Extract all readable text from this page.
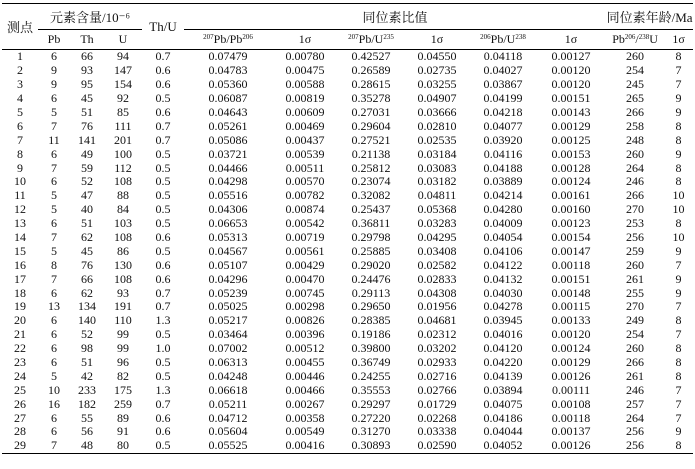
测点	元素含量/10⁻⁶			Th/U	同位素比值						同位素年龄/Ma	
	Pb	Th	U		$^{207}$Pb/Pb$^{206}$	1σ	$^{207}Pb/U^{235}$	1σ	$^{206}Pb/U^{238}$	1σ	Pb$^{206}$/$^{238}$U	1σ
1	6	66	94	0.7	0.07479	0.00780	0.42527	0.04550	0.04118	0.00127	260	8
2	9	93	147	0.6	0.04783	0.00475	0.26589	0.02735	0.04027	0.00120	254	7
3	9	95	154	0.6	0.05360	0.00588	0.28615	0.03255	0.03867	0.00120	245	7
4	6	45	92	0.5	0.06087	0.00819	0.35278	0.04907	0.04199	0.00151	265	9
5	5	51	85	0.6	0.04643	0.00609	0.27031	0.03666	0.04218	0.00143	266	9
6	7	76	111	0.7	0.05261	0.00469	0.29604	0.02810	0.04077	0.00129	258	8
7	11	141	201	0.7	0.05086	0.00437	0.27521	0.02535	0.03920	0.00125	248	8
8	6	49	100	0.5	0.03721	0.00539	0.21138	0.03184	0.04116	0.00153	260	9
9	7	59	112	0.5	0.04466	0.00511	0.25812	0.03083	0.04188	0.00128	264	8
10	6	52	108	0.5	0.04298	0.00570	0.23074	0.03182	0.03889	0.00124	246	8
11	5	47	88	0.5	0.05516	0.00782	0.32082	0.04811	0.04214	0.00161	266	10
12	5	40	84	0.5	0.04306	0.00874	0.25437	0.05368	0.04280	0.00160	270	10
13	6	51	103	0.5	0.06653	0.00542	0.36811	0.03283	0.04009	0.00123	253	8
14	7	62	108	0.6	0.05313	0.00719	0.29798	0.04295	0.04054	0.00154	256	10
15	5	45	86	0.5	0.04567	0.00561	0.25885	0.03408	0.04106	0.00147	259	9
16	8	76	130	0.6	0.05107	0.00429	0.29020	0.02582	0.04122	0.00118	260	7
17	7	66	108	0.6	0.04296	0.00470	0.24476	0.02833	0.04132	0.00151	261	9
18	6	62	93	0.7	0.05239	0.00745	0.29113	0.04308	0.04030	0.00148	255	9
19	13	134	191	0.7	0.05025	0.00298	0.29650	0.01956	0.04278	0.00115	270	7
20	6	140	110	1.3	0.05217	0.00826	0.28385	0.04681	0.03945	0.00133	249	8
21	6	52	99	0.5	0.03464	0.00396	0.19186	0.02312	0.04016	0.00120	254	7
22	6	98	99	1.0	0.07002	0.00512	0.39800	0.03202	0.04120	0.00124	260	8
23	6	51	96	0.5	0.06313	0.00455	0.36749	0.02933	0.04220	0.00129	266	8
24	5	42	82	0.5	0.04248	0.00446	0.24255	0.02716	0.04139	0.00126	261	8
25	10	233	175	1.3	0.06618	0.00466	0.35553	0.02766	0.03894	0.00111	246	7
26	16	182	259	0.7	0.05211	0.00267	0.29297	0.01729	0.04075	0.00108	257	7
27	6	55	89	0.6	0.04712	0.00358	0.27220	0.02268	0.04186	0.00118	264	7
28	6	56	91	0.6	0.05604	0.00549	0.31270	0.03338	0.04044	0.00137	256	9
29	7	48	80	0.5	0.05525	0.00416	0.30893	0.02590	0.04052	0.00126	256	8
